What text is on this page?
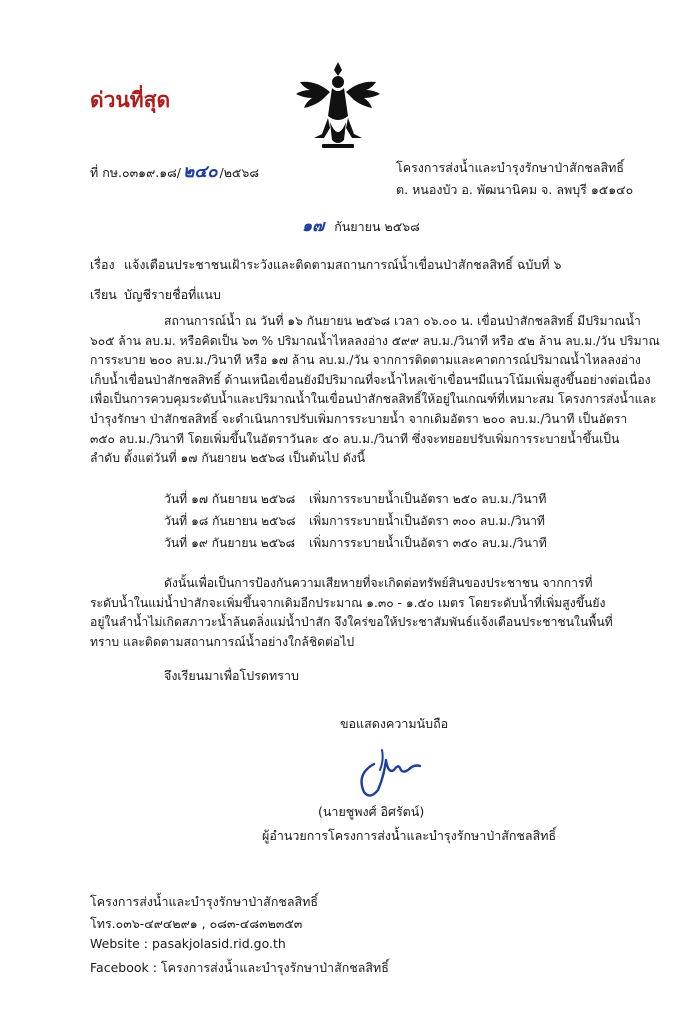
ด่วนที่สุด
ที่ กษ.๐๓๑๙.๑๘/ ๒๔๐ /๒๕๖๘	โครงการส่งน้ำและบำรุงรักษาป่าสักชลสิทธิ์
ต. หนองบัว อ. พัฒนานิคม จ. ลพบุรี ๑๕๑๔๐
๑๗ กันยายน ๒๕๖๘
เรื่อง แจ้งเตือนประชาชนเฝ้าระวังและติดตามสถานการณ์น้ำเขื่อนป่าสักชลสิทธิ์ ฉบับที่ ๖
เรียน บัญชีรายชื่อที่แนบ
สถานการณ์น้ำ ณ วันที่ ๑๖ กันยายน ๒๕๖๘ เวลา ๐๖.๐๐ น. เขื่อนป่าสักชลสิทธิ์ มีปริมาณน้ำ
๖๐๕ ล้าน ลบ.ม. หรือคิดเป็น ๖๓ % ปริมาณน้ำไหลลงอ่าง ๕๙๙ ลบ.ม./วินาที หรือ ๕๒ ล้าน ลบ.ม./วัน ปริมาณ
การระบาย ๒๐๐ ลบ.ม./วินาที หรือ ๑๗ ล้าน ลบ.ม./วัน จากการติดตามและคาดการณ์ปริมาณน้ำไหลลงอ่าง
เก็บน้ำเขื่อนป่าสักชลสิทธิ์ ด้านเหนือเขื่อนยังมีปริมาณที่จะน้ำไหลเข้าเขื่อนฯมีแนวโน้มเพิ่มสูงขึ้นอย่างต่อเนื่อง
เพื่อเป็นการควบคุมระดับน้ำและปริมาณน้ำในเขื่อนป่าสักชลสิทธิ์ให้อยู่ในเกณฑ์ที่เหมาะสม โครงการส่งน้ำและ
บำรุงรักษา ป่าสักชลสิทธิ์ จะดำเนินการปรับเพิ่มการระบายน้ำ จากเดิมอัตรา ๒๐๐ ลบ.ม./วินาที เป็นอัตรา
๓๕๐ ลบ.ม./วินาที โดยเพิ่มขึ้นในอัตราวันละ ๕๐ ลบ.ม./วินาที ซึ่งจะทยอยปรับเพิ่มการระบายน้ำขึ้นเป็น
ลำดับ ตั้งแต่วันที่ ๑๗ กันยายน ๒๕๖๘ เป็นต้นไป ดังนี้
วันที่ ๑๗ กันยายน ๒๕๖๘ เพิ่มการระบายน้ำเป็นอัตรา ๒๕๐ ลบ.ม./วินาที
วันที่ ๑๘ กันยายน ๒๕๖๘ เพิ่มการระบายน้ำเป็นอัตรา ๓๐๐ ลบ.ม./วินาที
วันที่ ๑๙ กันยายน ๒๕๖๘ เพิ่มการระบายน้ำเป็นอัตรา ๓๕๐ ลบ.ม./วินาที
ดังนั้นเพื่อเป็นการป้องกันความเสียหายที่จะเกิดต่อทรัพย์สินของประชาชน จากการที่
ระดับน้ำในแม่น้ำป่าสักจะเพิ่มขึ้นจากเดิมอีกประมาณ ๑.๓๐ - ๑.๕๐ เมตร โดยระดับน้ำที่เพิ่มสูงขึ้นยัง
อยู่ในลำน้ำไม่เกิดสภาวะน้ำล้นตลิ่งแม่น้ำป่าสัก จึงใคร่ขอให้ประชาสัมพันธ์แจ้งเตือนประชาชนในพื้นที่
ทราบ และติดตามสถานการณ์น้ำอย่างใกล้ชิดต่อไป
จึงเรียนมาเพื่อโปรดทราบ
ขอแสดงความนับถือ
(นายชูพงศ์ อิศรัตน์)
ผู้อำนวยการโครงการส่งน้ำและบำรุงรักษาป่าสักชลสิทธิ์
โครงการส่งน้ำและบำรุงรักษาป่าสักชลสิทธิ์
โทร.๐๓๖-๔๙๔๒๙๑ , ๐๘๓-๔๘๓๒๓๕๓
Website : pasakjolasid.rid.go.th
Facebook : โครงการส่งน้ำและบำรุงรักษาป่าสักชลสิทธิ์
